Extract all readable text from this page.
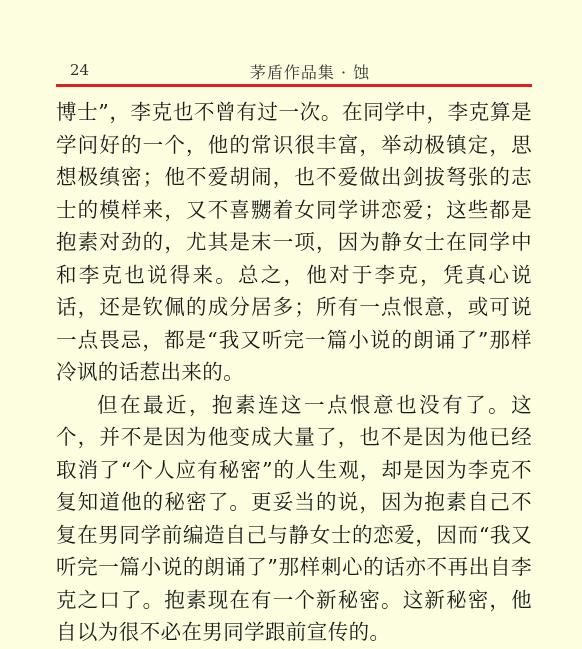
24	茅盾作品集 · 蚀

博士”，李克也不曾有过一次。在同学中，李克算是学问好的一个，他的常识很丰富，举动极镇定，思想极缜密；他不爱胡闹，也不爱做出剑拔弩张的志士的模样来，又不喜嬲着女同学讲恋爱；这些都是抱素对劲的，尤其是末一项，因为静女士在同学中和李克也说得来。总之，他对于李克，凭真心说话，还是钦佩的成分居多；所有一点恨意，或可说一点畏忌，都是“我又听完一篇小说的朗诵了”那样冷讽的话惹出来的。

但在最近，抱素连这一点恨意也没有了。这个，并不是因为他变成大量了，也不是因为他已经取消了“个人应有秘密”的人生观，却是因为李克不复知道他的秘密了。更妥当的说，因为抱素自己不复在男同学前编造自己与静女士的恋爱，因而“我又听完一篇小说的朗诵了”那样刺心的话亦不再出自李克之口了。抱素现在有一个新秘密。这新秘密，他自以为很不必在男同学跟前宣传的。
